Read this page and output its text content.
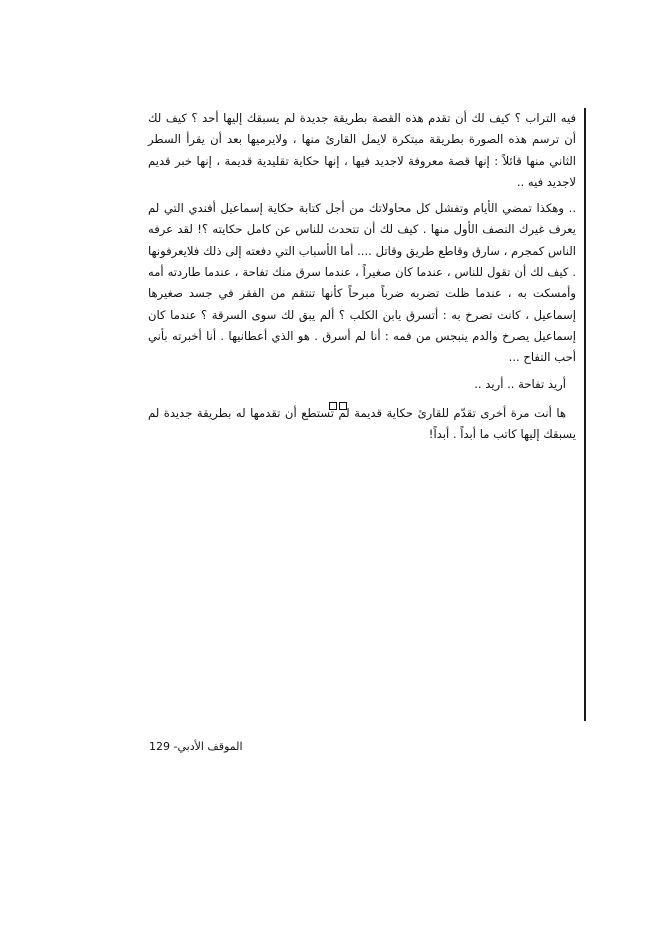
فيه التراب ؟ كيف لك أن تقدم هذه القصة بطريقة جديدة لم يسبقك إليها أحد ؟ كيف لك أن ترسم هذه الصورة بطريقة مبتكرة لايمل القارئ منها ، ولايرميها بعد أن يقرأ السطر الثاني منها قائلاً : إنها قصة معروفة لاجديد فيها ، إنها حكاية تقليدية قديمة ، إنها خبر قديم لاجديد فيه ..

.. وهكذا تمضي الأيام وتفشل كل محاولاتك من أجل كتابة حكاية إسماعيل أفندي التي لم يعرف غيرك النصف الأول منها . كيف لك أن تتحدث للناس عن كامل حكايته ؟! لقد عرفه الناس كمجرم ، سارق وقاطع طريق وقاتل .... أما الأسباب التي دفعته إلى ذلك فلايعرفونها . كيف لك أن تقول للناس ، عندما كان صغيراً ، عندما سرق منك تفاحة ، عندما طاردته أمه وأمسكت به ، عندما ظلت تضربه ضرباً مبرحاً كأنها تنتقم من الفقر في جسد صغيرها إسماعيل ، كانت تصرخ به : أتسرق يابن الكلب ؟ ألم يبق لك سوى السرقة ؟ عندما كان إسماعيل يصرخ والدم ينبجس من فمه : أنا لم أسرق . هو الذي أعطانيها . أنا أخبرته بأني أحب التفاح ...

أريد تفاحة .. أريد ..

ها أنت مرة أخرى تقدّم للقارئ حكاية قديمة لم تستطع أن تقدمها له بطريقة جديدة لم يسبقك إليها كاتب ما أبداً . أبداً!

الموقف الأدبي- 129
